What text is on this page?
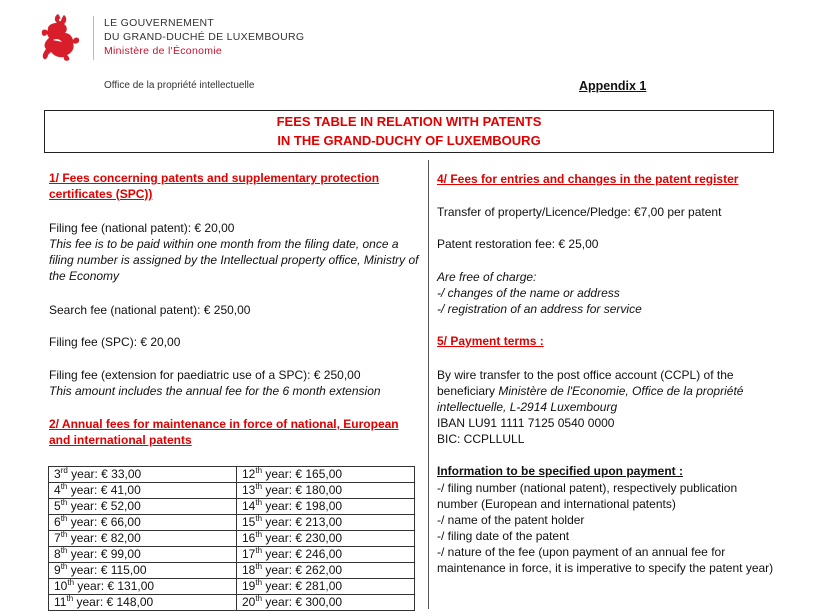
LE GOUVERNEMENT
DU GRAND-DUCHÉ DE LUXEMBOURG
Ministère de l'Économie
Office de la propriété intellectuelle	Appendix 1
FEES TABLE IN RELATION WITH PATENTS
IN THE GRAND-DUCHY OF LUXEMBOURG
1/ Fees concerning patents and supplementary protection certificates (SPC))
Filing fee (national patent): € 20,00
This fee is to be paid within one month from the filing date, once a filing number is assigned by the Intellectual property office, Ministry of the Economy
Search fee (national patent): € 250,00
Filing fee (SPC): € 20,00
Filing fee (extension for paediatric use of a SPC): € 250,00
This amount includes the annual fee for the 6 month extension
2/ Annual fees for maintenance in force of national, European and international patents
3rd year: € 33,00	12th year: € 165,00
4th year: € 41,00	13th year: € 180,00
5th year: € 52,00	14th year: € 198,00
6th year: € 66,00	15th year: € 213,00
7th year: € 82,00	16th year: € 230,00
8th year: € 99,00	17th year: € 246,00
9th year: € 115,00	18th year: € 262,00
10th year: € 131,00	19th year: € 281,00
11th year: € 148,00	20th year: € 300,00
4/ Fees for entries and changes in the patent register
Transfer of property/Licence/Pledge: €7,00 per patent
Patent restoration fee: € 25,00
Are free of charge:
-/ changes of the name or address
-/ registration of an address for service
5/ Payment terms :
By wire transfer to the post office account (CCPL) of the
beneficiary Ministère de l'Economie, Office de la propriété
intellectuelle, L-2914 Luxembourg
IBAN LU91 1111 7125 0540 0000
BIC: CCPLLULL
Information to be specified upon payment :
-/ filing number (national patent), respectively publication
number (European and international patents)
-/ name of the patent holder
-/ filing date of the patent
-/ nature of the fee (upon payment of an annual fee for
maintenance in force, it is imperative to specify the patent year)
